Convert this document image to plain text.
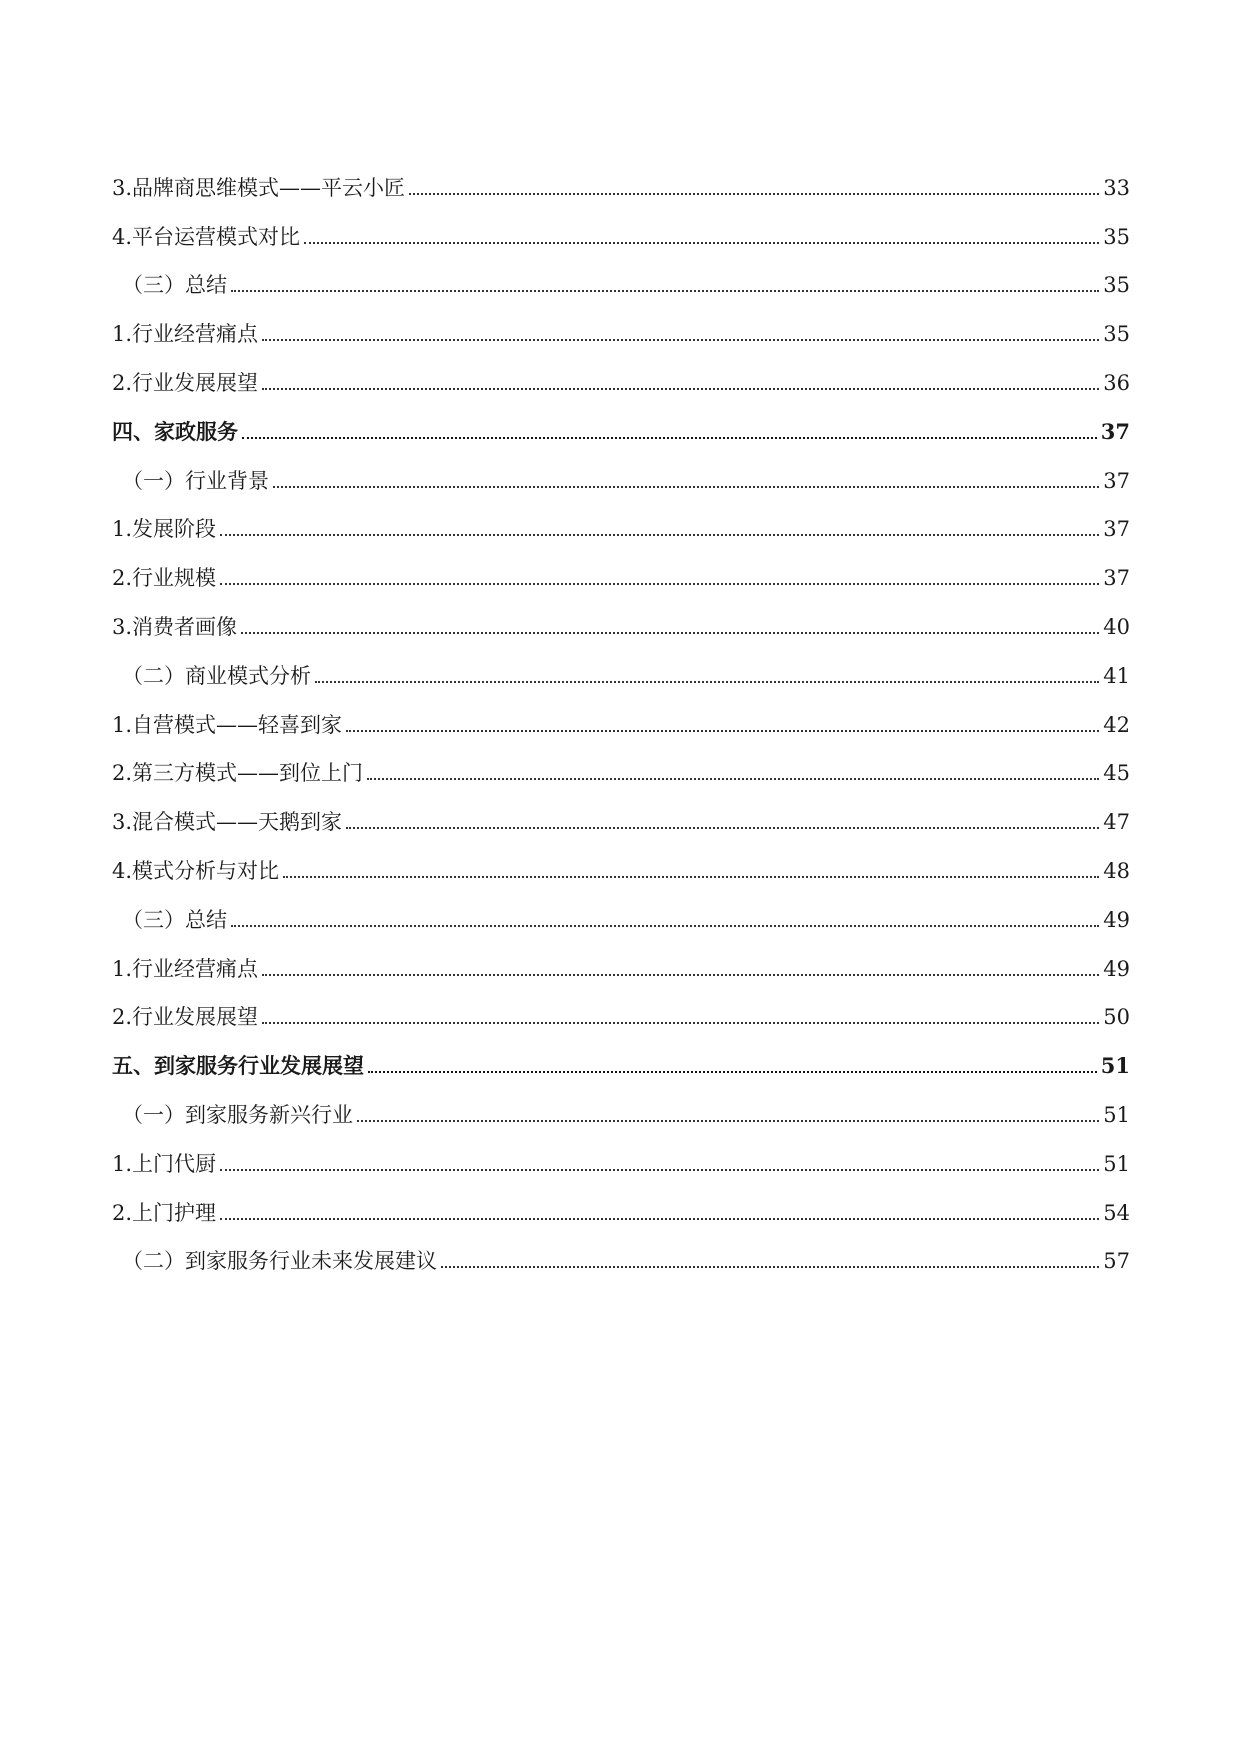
3.品牌商思维模式——平云小匠	33
4.平台运营模式对比	35
（三）总结	35
1.行业经营痛点	35
2.行业发展展望	36
四、家政服务	37
（一）行业背景	37
1.发展阶段	37
2.行业规模	37
3.消费者画像	40
（二）商业模式分析	41
1.自营模式——轻喜到家	42
2.第三方模式——到位上门	45
3.混合模式——天鹅到家	47
4.模式分析与对比	48
（三）总结	49
1.行业经营痛点	49
2.行业发展展望	50
五、到家服务行业发展展望	51
（一）到家服务新兴行业	51
1.上门代厨	51
2.上门护理	54
（二）到家服务行业未来发展建议	57
